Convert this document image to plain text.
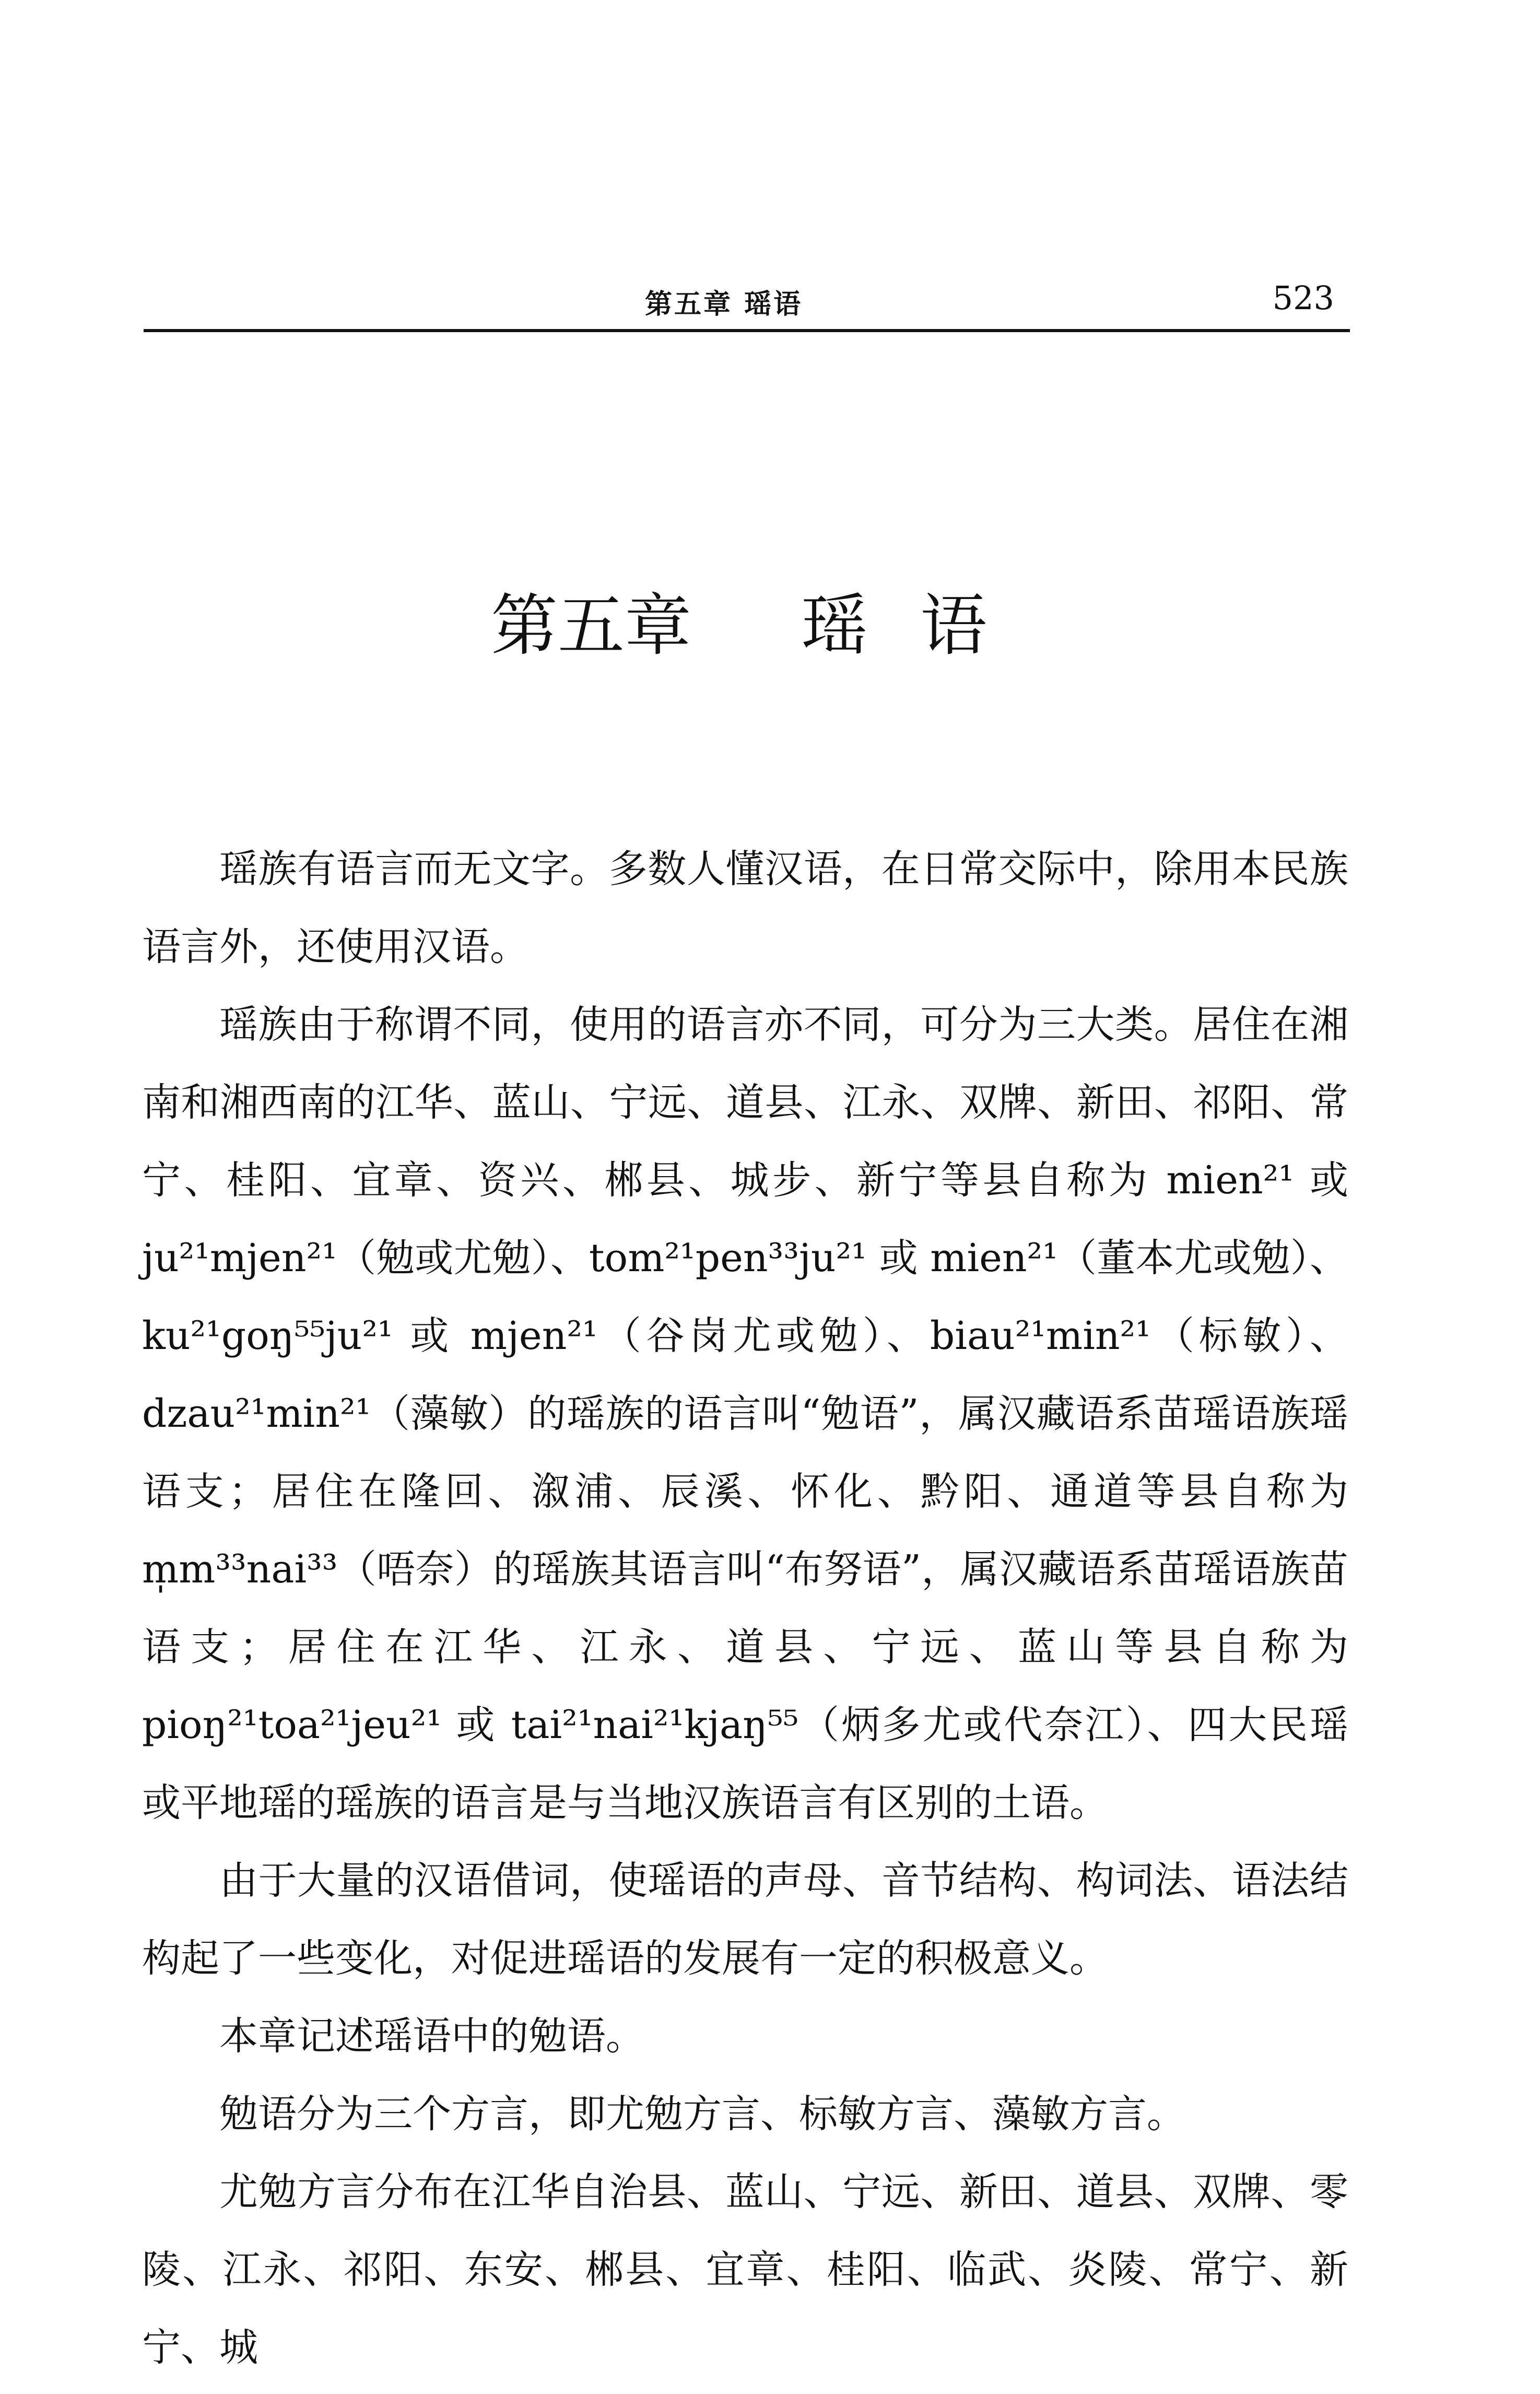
第五章 瑶语	523
第五章 瑶语

瑶族有语言而无文字。多数人懂汉语，在日常交际中，除用本民族语言外，还使用汉语。

瑶族由于称谓不同，使用的语言亦不同，可分为三大类。居住在湘南和湘西南的江华、蓝山、宁远、道县、江永、双牌、新田、祁阳、常宁、桂阳、宜章、资兴、郴县、城步、新宁等县自称为 mien²¹ 或 ju²¹mjen²¹（勉或尤勉）、tom²¹pen³³ju²¹ 或 mien²¹（董本尤或勉）、ku²¹goŋ⁵⁵ju²¹ 或 mjen²¹（谷岗尤或勉）、biau²¹min²¹（标敏）、dzau²¹min²¹（藻敏）的瑶族的语言叫“勉语”，属汉藏语系苗瑶语族瑶语支；居住在隆回、溆浦、辰溪、怀化、黔阳、通道等县自称为 m̩m³³nai³³（唔奈）的瑶族其语言叫“布努语”，属汉藏语系苗瑶语族苗语支；居住在江华、江永、道县、宁远、蓝山等县自称为 pioŋ²¹toa²¹jeu²¹ 或 tai²¹nai²¹kjaŋ⁵⁵（炳多尤或代奈江）、四大民瑶或平地瑶的瑶族的语言是与当地汉族语言有区别的土语。

由于大量的汉语借词，使瑶语的声母、音节结构、构词法、语法结构起了一些变化，对促进瑶语的发展有一定的积极意义。

本章记述瑶语中的勉语。

勉语分为三个方言，即尤勉方言、标敏方言、藻敏方言。

尤勉方言分布在江华自治县、蓝山、宁远、新田、道县、双牌、零陵、江永、祁阳、东安、郴县、宜章、桂阳、临武、炎陵、常宁、新宁、城
